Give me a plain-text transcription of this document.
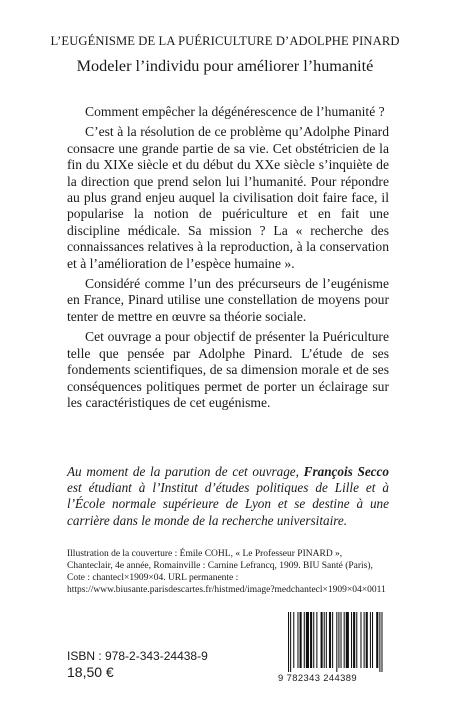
L’EUGÉNISME DE LA PUÉRICULTURE D’ADOLPHE PINARD
Modeler l’individu pour améliorer l’humanité

Comment empêcher la dégénérescence de l’humanité ?

C’est à la résolution de ce problème qu’Adolphe Pinard consacre une grande partie de sa vie. Cet obstétricien de la fin du XIXe siècle et du début du XXe siècle s’inquiète de la direction que prend selon lui l’humanité. Pour répondre au plus grand enjeu auquel la civilisation doit faire face, il popularise la notion de puériculture et en fait une discipline médicale. Sa mission ? La « recherche des connaissances relatives à la reproduction, à la conservation et à l’amélioration de l’espèce humaine ».

Considéré comme l’un des précurseurs de l’eugénisme en France, Pinard utilise une constellation de moyens pour tenter de mettre en œuvre sa théorie sociale.

Cet ouvrage a pour objectif de présenter la Puériculture telle que pensée par Adolphe Pinard. L’étude de ses fondements scientifiques, de sa dimension morale et de ses conséquences politiques permet de porter un éclairage sur les caractéristiques de cet eugénisme.

Au moment de la parution de cet ouvrage, François Secco est étudiant à l’Institut d’études politiques de Lille et à l’École normale supérieure de Lyon et se destine à une carrière dans le monde de la recherche universitaire.
Illustration de la couverture : Émile COHL, « Le Professeur PINARD »,
Chanteclair, 4e année, Romainville : Carnine Lefrancq, 1909. BIU Santé (Paris),
Cote : chantecl×1909×04. URL permanente :
https://www.biusante.parisdescartes.fr/histmed/image?medchantecl×1909×04×0011
ISBN : 978-2-343-24438-9
18,50 €	9 782343 244389
